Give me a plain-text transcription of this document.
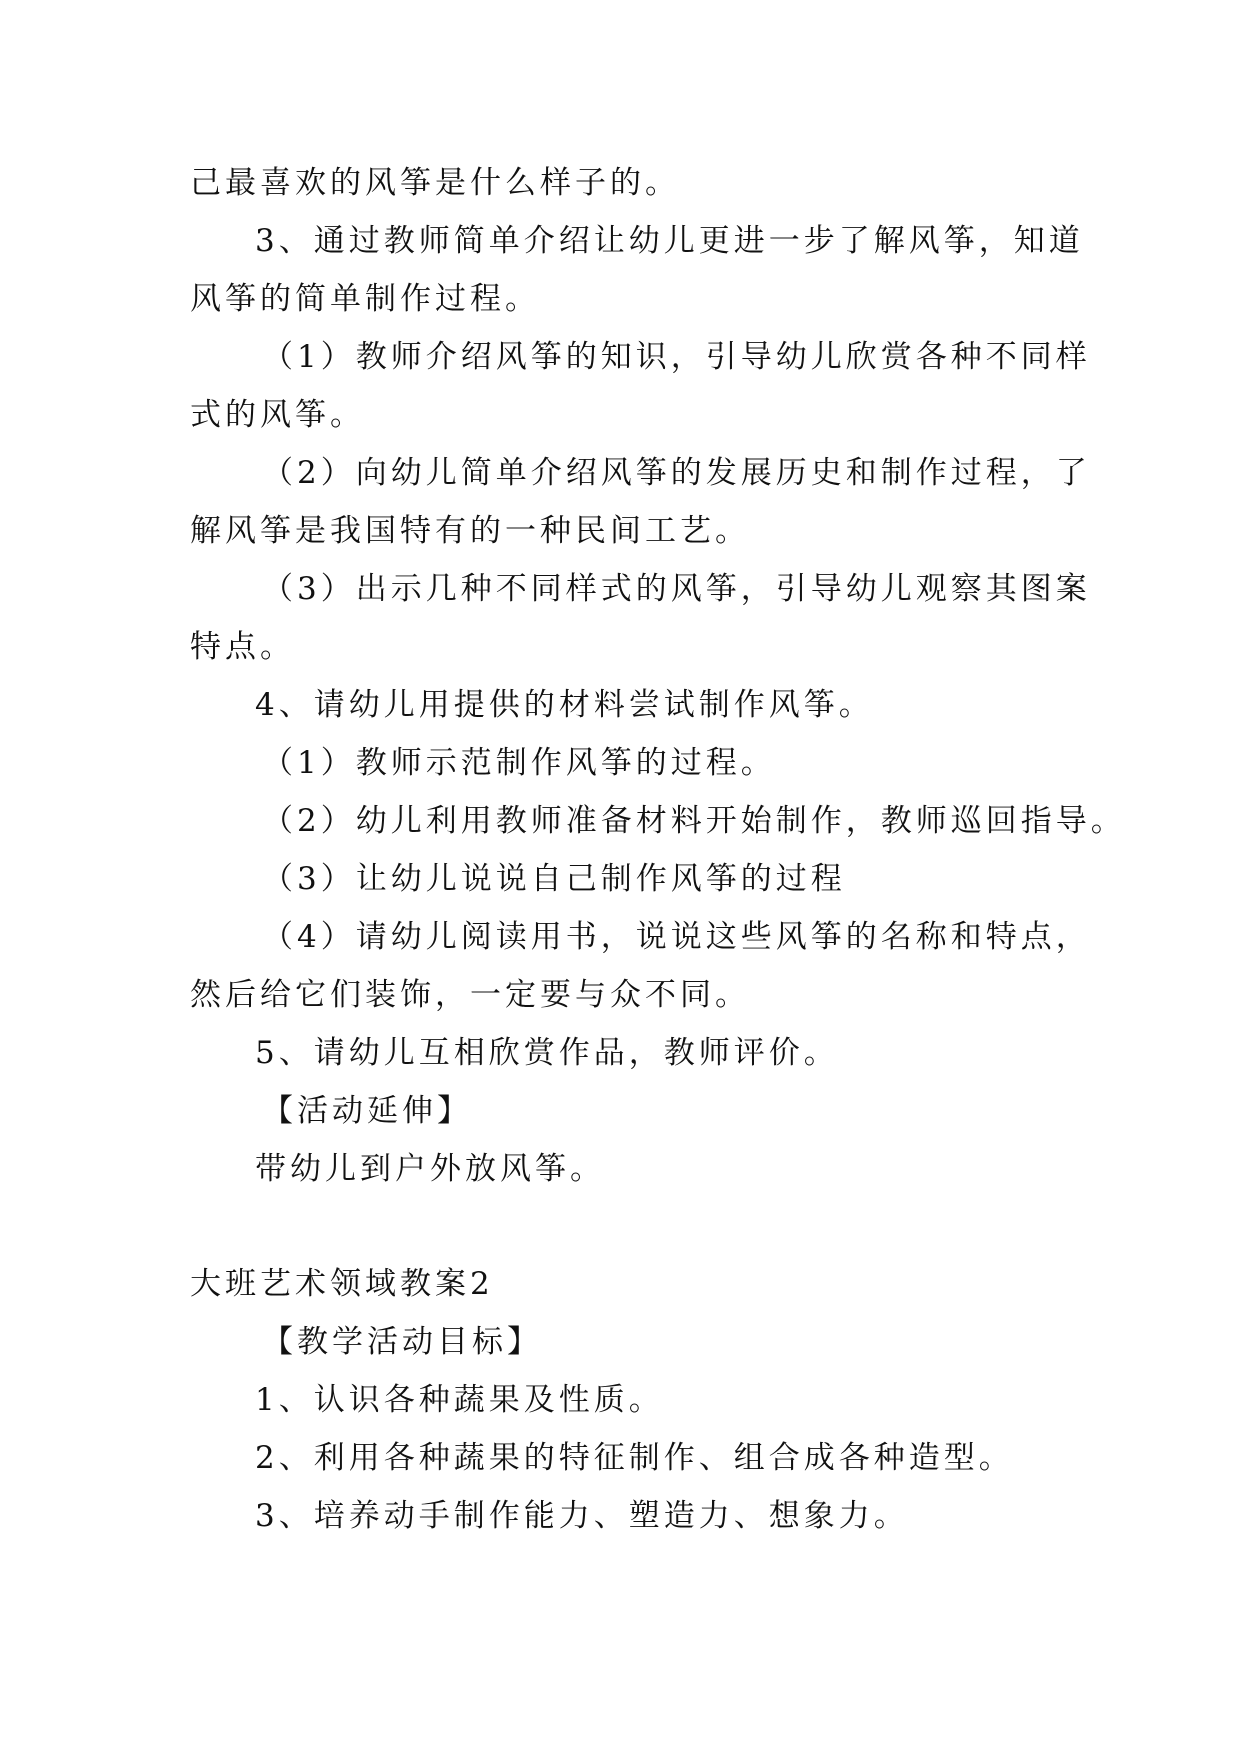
己最喜欢的风筝是什么样子的。
3、通过教师简单介绍让幼儿更进一步了解风筝，知道
风筝的简单制作过程。
（1）教师介绍风筝的知识，引导幼儿欣赏各种不同样
式的风筝。
（2）向幼儿简单介绍风筝的发展历史和制作过程，了
解风筝是我国特有的一种民间工艺。
（3）出示几种不同样式的风筝，引导幼儿观察其图案
特点。
4、请幼儿用提供的材料尝试制作风筝。
（1）教师示范制作风筝的过程。
（2）幼儿利用教师准备材料开始制作，教师巡回指导。
（3）让幼儿说说自己制作风筝的过程
（4）请幼儿阅读用书，说说这些风筝的名称和特点，
然后给它们装饰，一定要与众不同。
5、请幼儿互相欣赏作品，教师评价。
【活动延伸】
带幼儿到户外放风筝。
大班艺术领域教案2
【教学活动目标】
1、认识各种蔬果及性质。
2、利用各种蔬果的特征制作、组合成各种造型。
3、培养动手制作能力、塑造力、想象力。
